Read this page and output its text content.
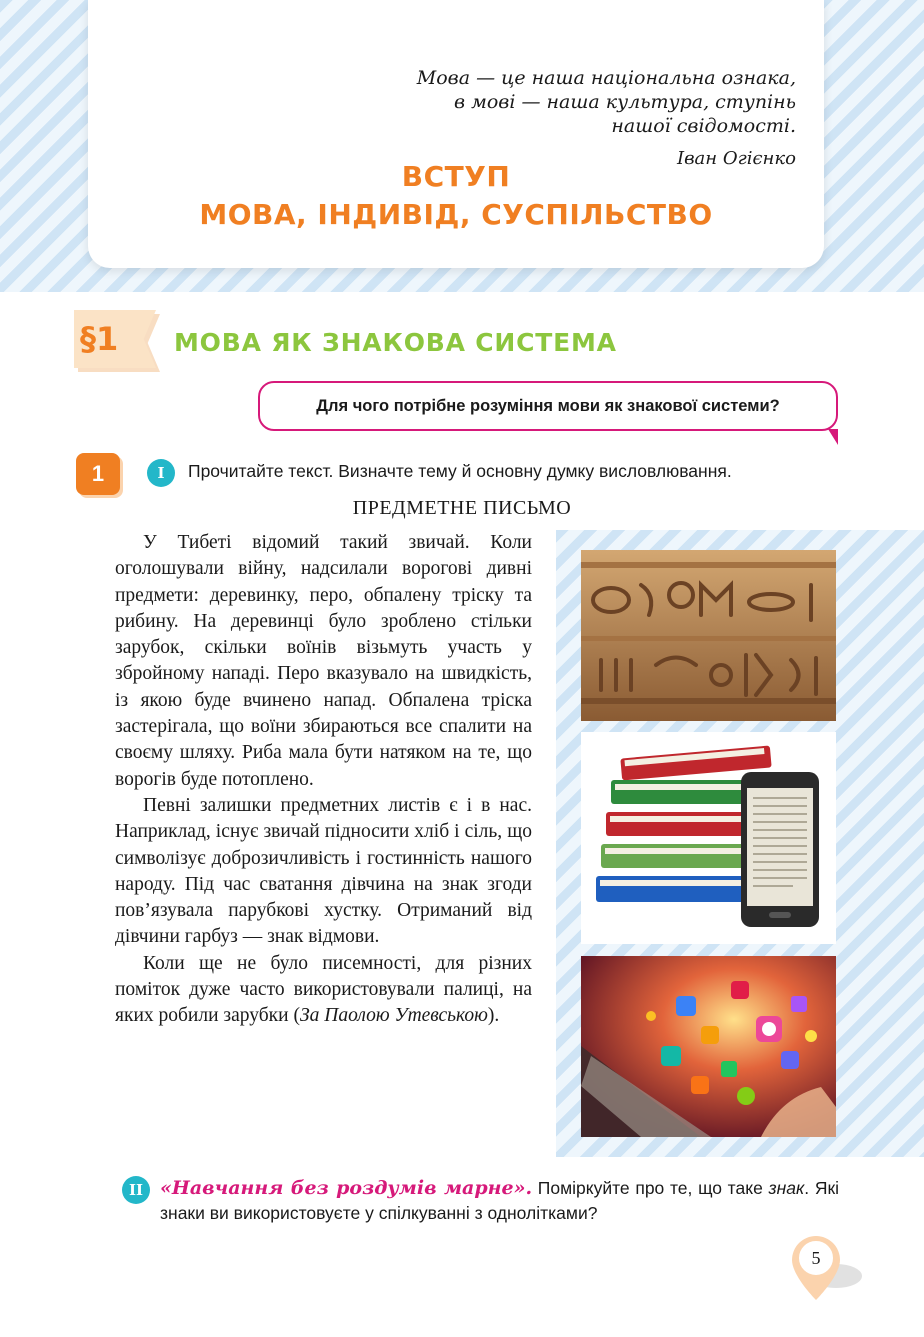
Мова — це наша національна ознака,
в мові — наша культура, ступінь
нашої свідомості.
Іван Огієнко
ВСТУП
МОВА, ІНДИВІД, СУСПІЛЬСТВО
§1 МОВА ЯК ЗНАКОВА СИСТЕМА
Для чого потрібне розуміння мови як знакової системи?
1	I	Прочитайте текст. Визначте тему й основну думку висловлювання.
ПРЕДМЕТНЕ ПИСЬМО

У Тибеті відомий такий звичай. Коли оголошували війну, надсилали ворогові дивні предмети: деревинку, перо, обпалену тріску та рибину. На деревинці було зроблено стільки зарубок, скільки воїнів візьмуть участь у збройному нападі. Перо вказувало на швидкість, із якою буде вчинено напад. Обпалена тріска застерігала, що воїни збираються все спалити на своєму шляху. Риба мала бути натяком на те, що ворогів буде потоплено.

Певні залишки предметних листів є і в нас. Наприклад, існує звичай підносити хліб і сіль, що символізує доброзичливість і гостинність нашого народу. Під час сватання дівчина на знак згоди пов’язувала парубкові хустку. Отриманий від дівчини гарбуз — знак відмови.

Коли ще не було писемності, для різних поміток дуже часто використовували палиці, на яких робили зарубки (За Паолою Утевською).

II «Навчання без роздумів марне». Поміркуйте про те, що таке знак. Які знаки ви використовуєте у спілкуванні з однолітками?
5
